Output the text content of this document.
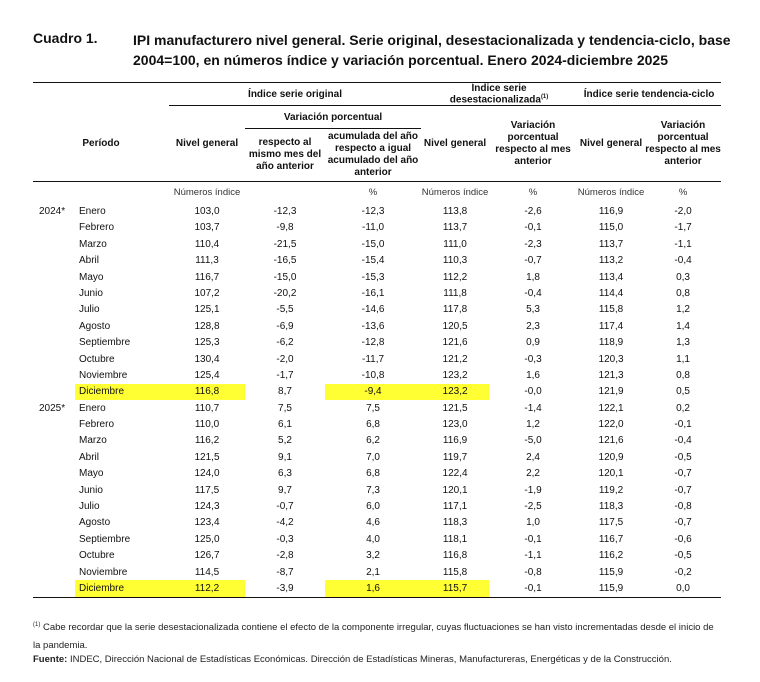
Cuadro 1.	IPI manufacturero nivel general. Serie original, desestacionalizada y tendencia-ciclo, base 2004=100, en números índice y variación porcentual. Enero 2024-diciembre 2025
		Índice serie original			Índice serie desestacionalizada$^{(1)}$		Índice serie tendencia-ciclo	
Período		Nivel general	Variación porcentual		Nivel general	Variación porcentual respecto al mes anterior	Nivel general	Variación porcentual respecto al mes anterior
			respecto al mismo mes del año anterior	acumulada del año respecto a igual acumulado del año anterior				
		Números índice		%	Números índice	%	Números índice	%
2024*	Enero	103,0	-12,3	-12,3	113,8	-2,6	116,9	-2,0
	Febrero	103,7	-9,8	-11,0	113,7	-0,1	115,0	-1,7
	Marzo	110,4	-21,5	-15,0	111,0	-2,3	113,7	-1,1
	Abril	111,3	-16,5	-15,4	110,3	-0,7	113,2	-0,4
	Mayo	116,7	-15,0	-15,3	112,2	1,8	113,4	0,3
	Junio	107,2	-20,2	-16,1	111,8	-0,4	114,4	0,8
	Julio	125,1	-5,5	-14,6	117,8	5,3	115,8	1,2
	Agosto	128,8	-6,9	-13,6	120,5	2,3	117,4	1,4
	Septiembre	125,3	-6,2	-12,8	121,6	0,9	118,9	1,3
	Octubre	130,4	-2,0	-11,7	121,2	-0,3	120,3	1,1
	Noviembre	125,4	-1,7	-10,8	123,2	1,6	121,3	0,8
	Diciembre	116,8	8,7	-9,4	123,2	-0,0	121,9	0,5
2025*	Enero	110,7	7,5	7,5	121,5	-1,4	122,1	0,2
	Febrero	110,0	6,1	6,8	123,0	1,2	122,0	-0,1
	Marzo	116,2	5,2	6,2	116,9	-5,0	121,6	-0,4
	Abril	121,5	9,1	7,0	119,7	2,4	120,9	-0,5
	Mayo	124,0	6,3	6,8	122,4	2,2	120,1	-0,7
	Junio	117,5	9,7	7,3	120,1	-1,9	119,2	-0,7
	Julio	124,3	-0,7	6,0	117,1	-2,5	118,3	-0,8
	Agosto	123,4	-4,2	4,6	118,3	1,0	117,5	-0,7
	Septiembre	125,0	-0,3	4,0	118,1	-0,1	116,7	-0,6
	Octubre	126,7	-2,8	3,2	116,8	-1,1	116,2	-0,5
	Noviembre	114,5	-8,7	2,1	115,8	-0,8	115,9	-0,2
	Diciembre	112,2	-3,9	1,6	115,7	-0,1	115,9	0,0
$^{(1)}$ Cabe recordar que la serie desestacionalizada contiene el efecto de la componente irregular, cuyas fluctuaciones se han visto incrementadas desde el inicio de la pandemia.
Fuente: INDEC, Dirección Nacional de Estadísticas Económicas. Dirección de Estadísticas Mineras, Manufactureras, Energéticas y de la Construcción.
